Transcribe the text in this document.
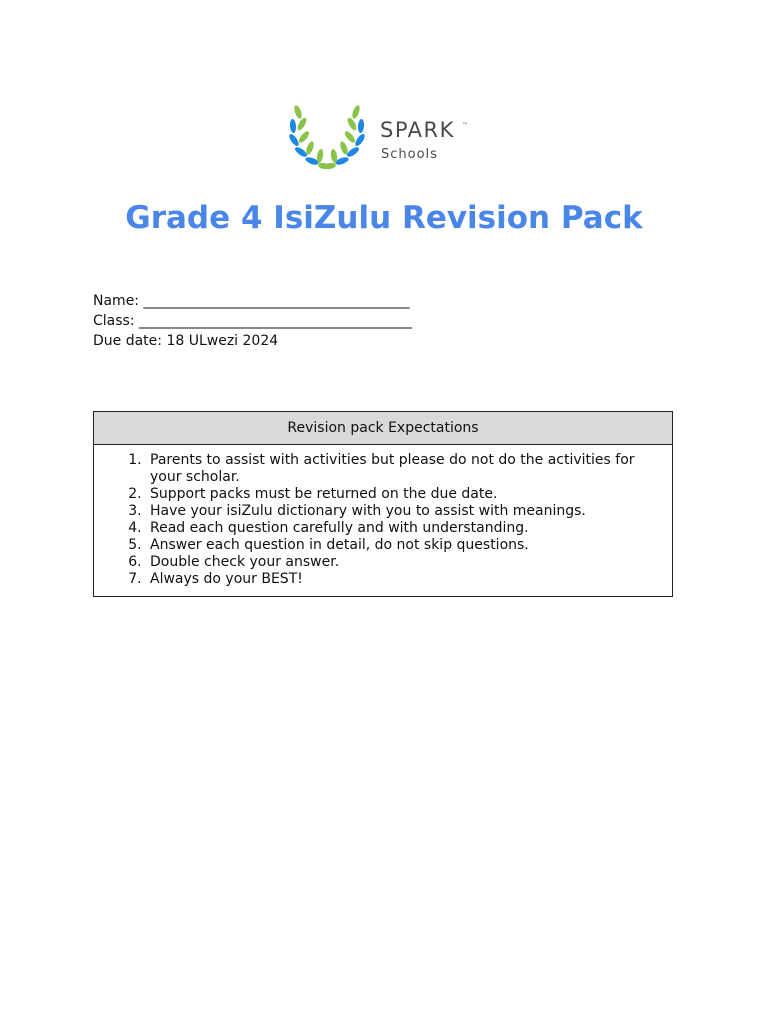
SPARK ™
Schools
Grade 4 IsiZulu Revision Pack
Name: ______________________________________
Class: _______________________________________
Due date: 18 ULwezi 2024
Revision pack Expectations
1. Parents to assist with activities but please do not do the activities for your scholar.
2. Support packs must be returned on the due date.
3. Have your isiZulu dictionary with you to assist with meanings.
4. Read each question carefully and with understanding.
5. Answer each question in detail, do not skip questions.
6. Double check your answer.
7. Always do your BEST!
